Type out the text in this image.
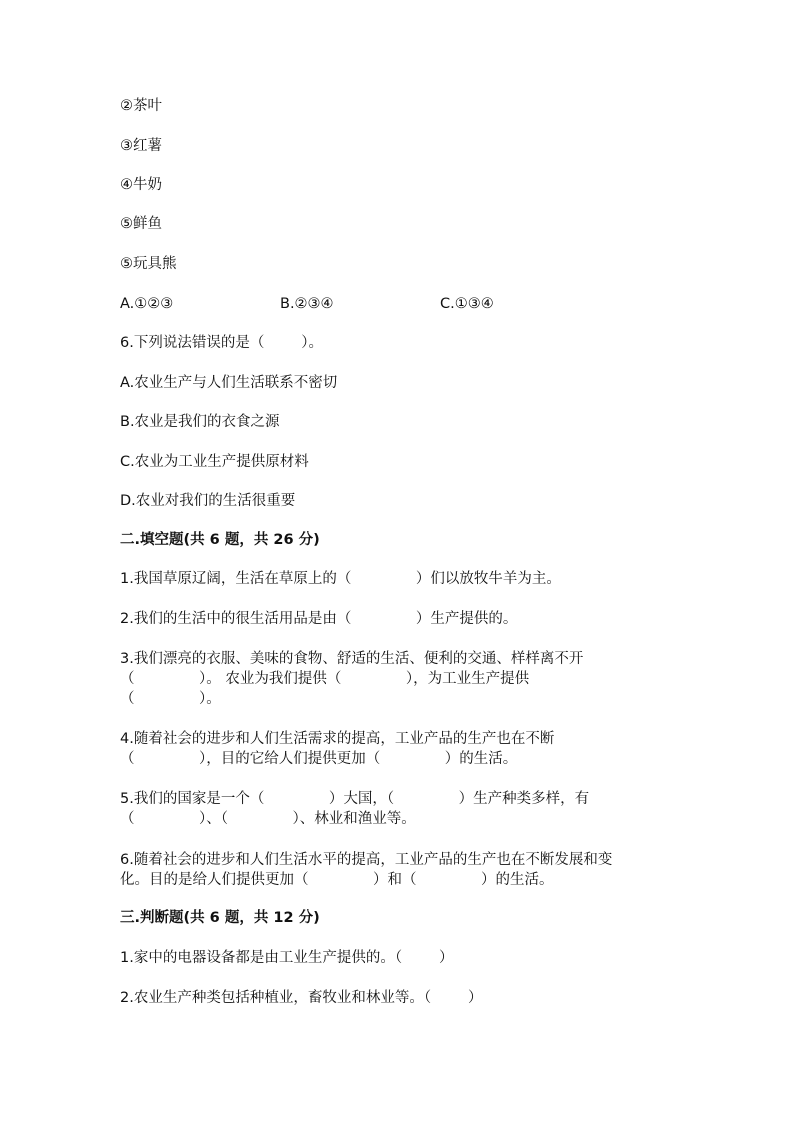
②茶叶
③红薯
④牛奶
⑤鲜鱼
⑤玩具熊
A.①②③	B.②③④	C.①③④
6.下列说法错误的是（        ）。
A.农业生产与人们生活联系不密切
B.农业是我们的衣食之源
C.农业为工业生产提供原材料
D.农业对我们的生活很重要
二.填空题(共 6 题，共 26 分)
1.我国草原辽阔，生活在草原上的（              ）们以放牧牛羊为主。
2.我们的生活中的很生活用品是由（              ）生产提供的。
3.我们漂亮的衣服、美味的食物、舒适的生活、便利的交通、样样离不开
（              ）。 农业为我们提供（              ），为工业生产提供
（              ）。
4.随着社会的进步和人们生活需求的提高，工业产品的生产也在不断
（              ），目的它给人们提供更加（              ）的生活。
5.我们的国家是一个（              ）大国，（              ）生产种类多样，有
（              ）、（              ）、林业和渔业等。
6.随着社会的进步和人们生活水平的提高，工业产品的生产也在不断发展和变
化。目的是给人们提供更加（              ）和（              ）的生活。
三.判断题(共 6 题，共 12 分)
1.家中的电器设备都是由工业生产提供的。（        ）
2.农业生产种类包括种植业，畜牧业和林业等。（        ）
